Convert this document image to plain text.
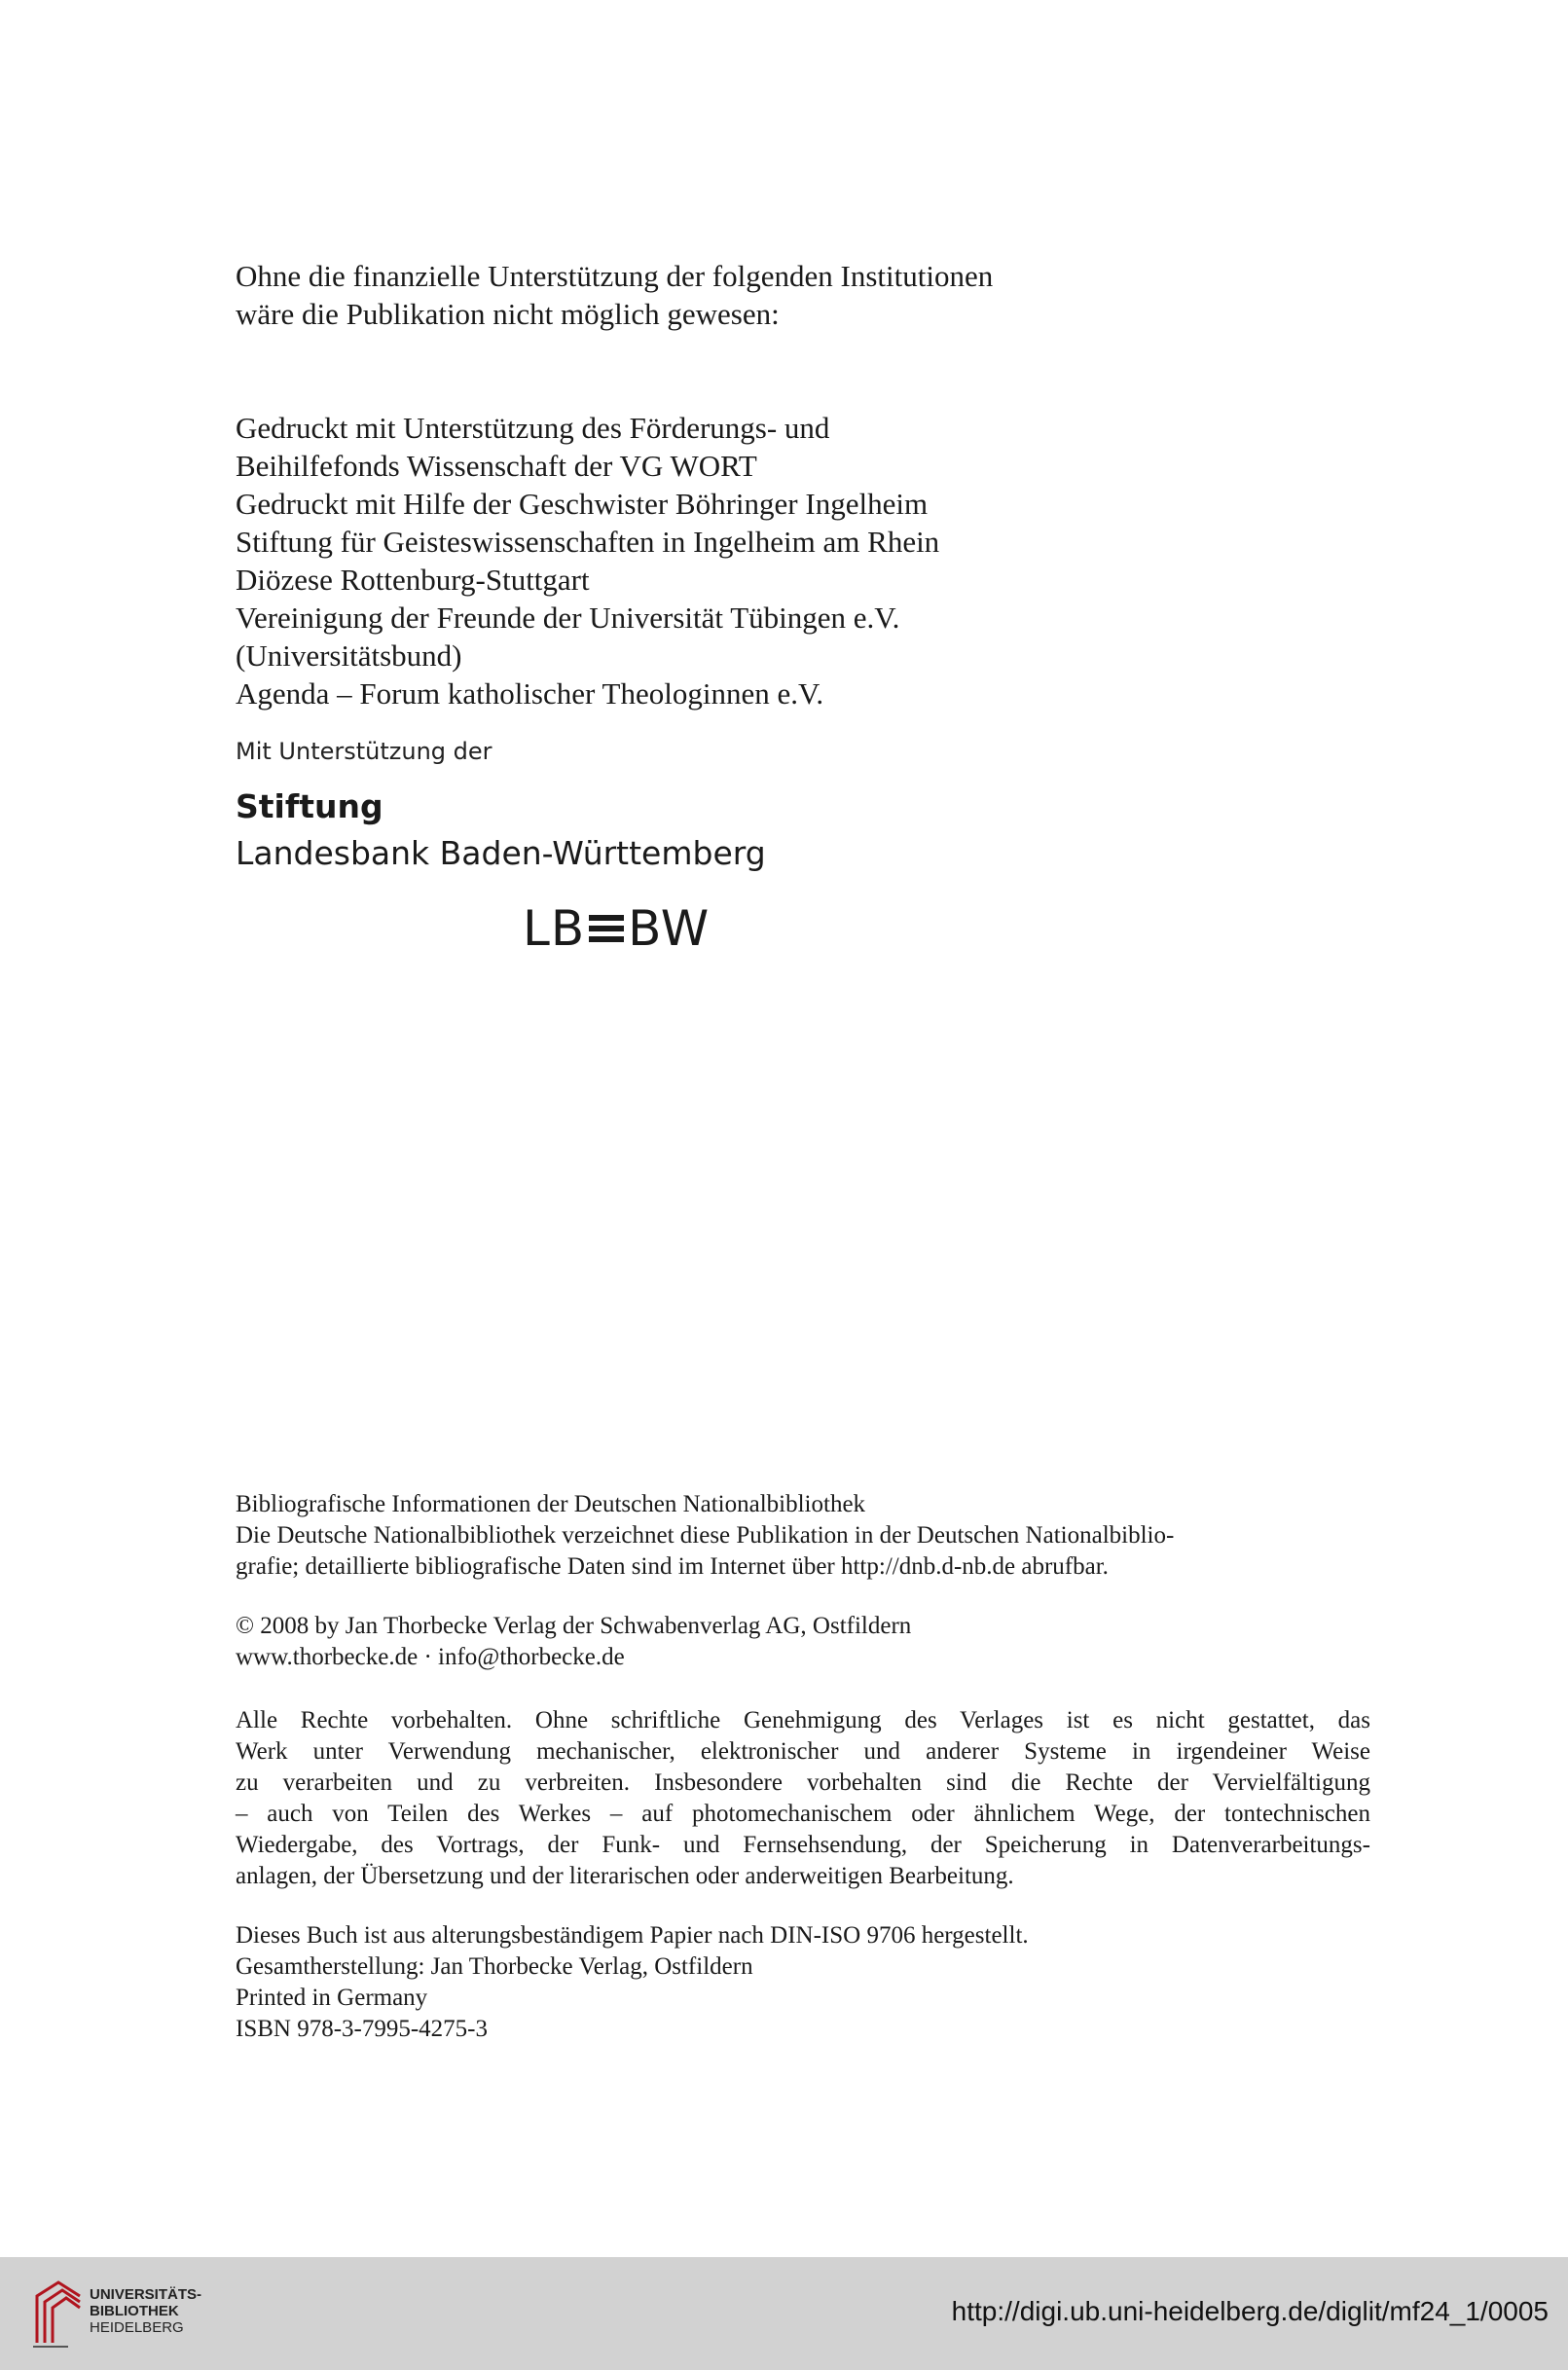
Ohne die finanzielle Unterstützung der folgenden Institutionen
wäre die Publikation nicht möglich gewesen:
Gedruckt mit Unterstützung des Förderungs- und
Beihilfefonds Wissenschaft der VG WORT
Gedruckt mit Hilfe der Geschwister Böhringer Ingelheim
Stiftung für Geisteswissenschaften in Ingelheim am Rhein
Diözese Rottenburg-Stuttgart
Vereinigung der Freunde der Universität Tübingen e.V.
(Universitätsbund)
Agenda – Forum katholischer Theologinnen e.V.
Mit Unterstützung der
Stiftung
Landesbank Baden-Württemberg
LB BW
Bibliografische Informationen der Deutschen Nationalbibliothek
Die Deutsche Nationalbibliothek verzeichnet diese Publikation in der Deutschen Nationalbiblio-
grafie; detaillierte bibliografische Daten sind im Internet über http://dnb.d-nb.de abrufbar.
© 2008 by Jan Thorbecke Verlag der Schwabenverlag AG, Ostfildern
www.thorbecke.de · info@thorbecke.de
Alle Rechte vorbehalten. Ohne schriftliche Genehmigung des Verlages ist es nicht gestattet, das
Werk unter Verwendung mechanischer, elektronischer und anderer Systeme in irgendeiner Weise
zu verarbeiten und zu verbreiten. Insbesondere vorbehalten sind die Rechte der Vervielfältigung
– auch von Teilen des Werkes – auf photomechanischem oder ähnlichem Wege, der tontechnischen
Wiedergabe, des Vortrags, der Funk- und Fernsehsendung, der Speicherung in Datenverarbeitungs-
anlagen, der Übersetzung und der literarischen oder anderweitigen Bearbeitung.
Dieses Buch ist aus alterungsbeständigem Papier nach DIN-ISO 9706 hergestellt.
Gesamtherstellung: Jan Thorbecke Verlag, Ostfildern
Printed in Germany
ISBN 978-3-7995-4275-3
UNIVERSITÄTS-
BIBLIOTHEK
HEIDELBERG
http://digi.ub.uni-heidelberg.de/diglit/mf24_1/0005
